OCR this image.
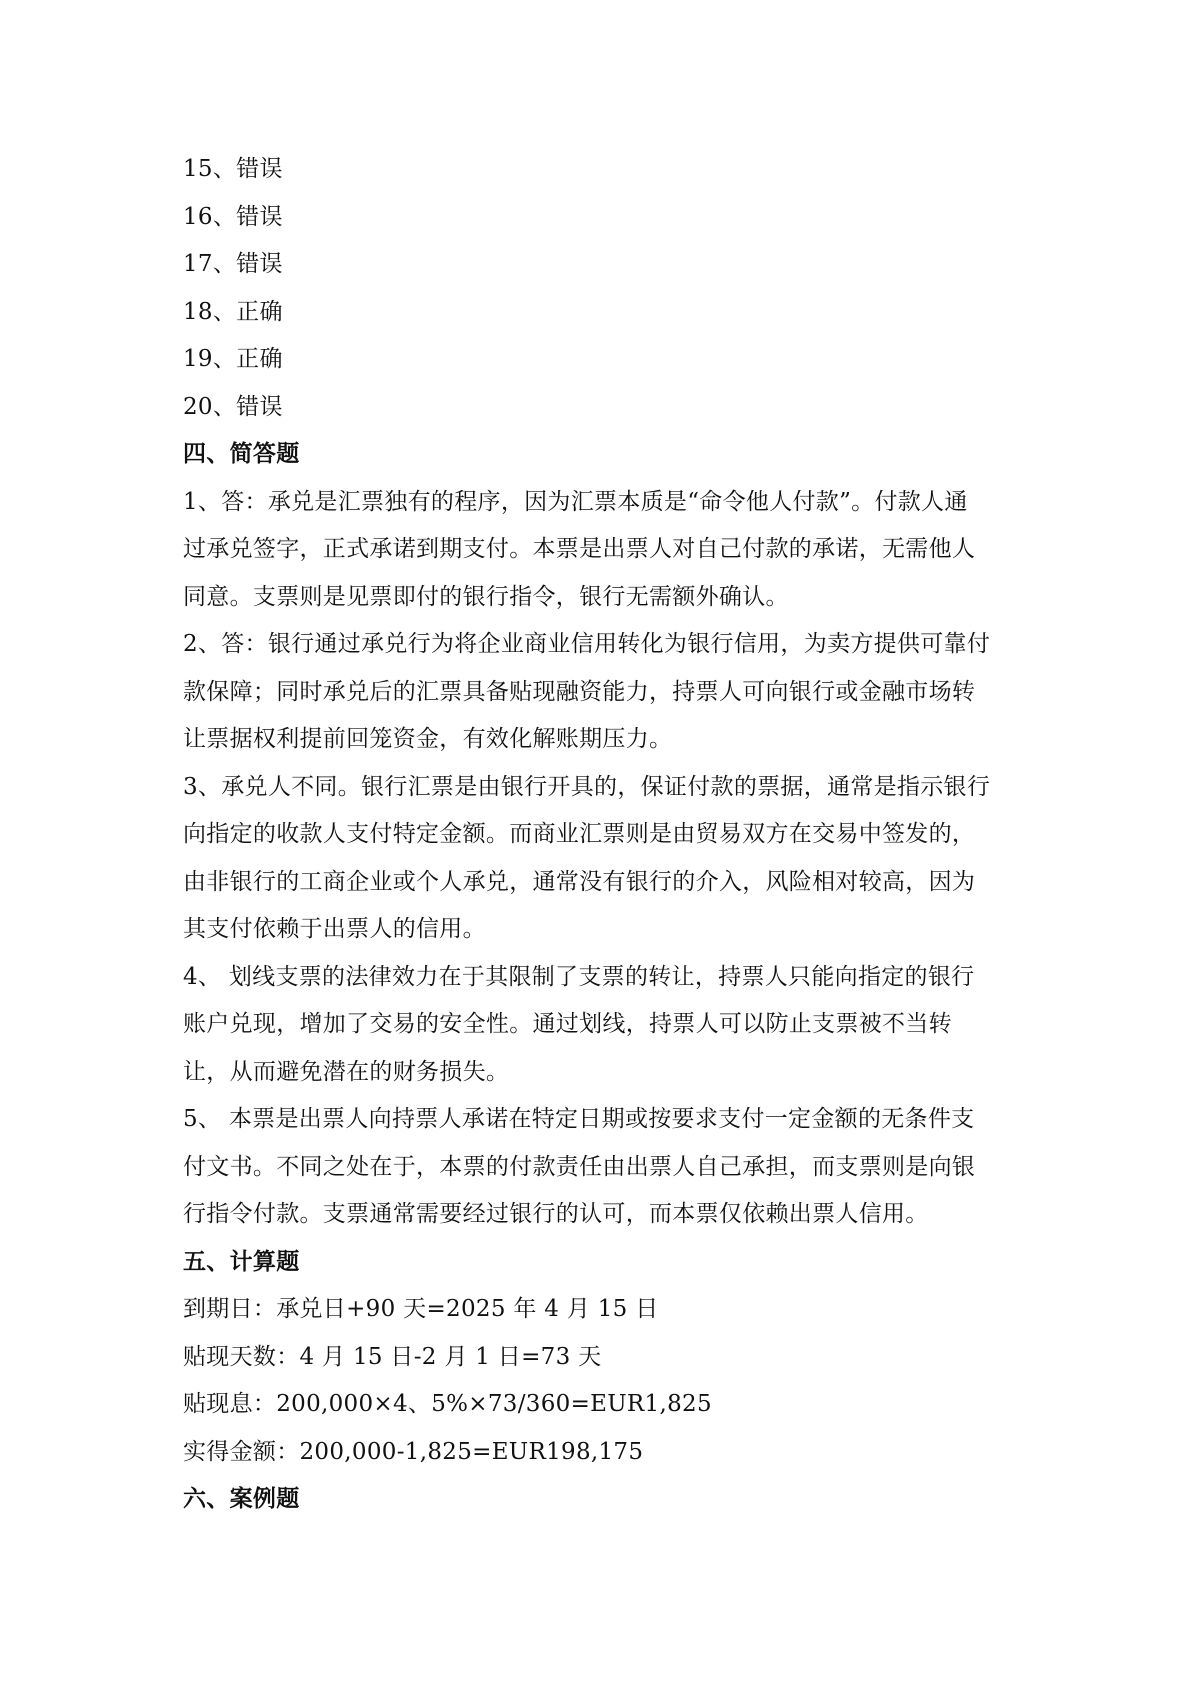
15、错误
16、错误
17、错误
18、正确
19、正确
20、错误
四、简答题
1、答：承兑是汇票独有的程序，因为汇票本质是“命令他人付款”。付款人通
过承兑签字，正式承诺到期支付。本票是出票人对自己付款的承诺，无需他人
同意。支票则是见票即付的银行指令，银行无需额外确认。
2、答：银行通过承兑行为将企业商业信用转化为银行信用，为卖方提供可靠付
款保障；同时承兑后的汇票具备贴现融资能力，持票人可向银行或金融市场转
让票据权利提前回笼资金，有效化解账期压力。
3、承兑人不同。银行汇票是由银行开具的，保证付款的票据，通常是指示银行
向指定的收款人支付特定金额。而商业汇票则是由贸易双方在交易中签发的，
由非银行的工商企业或个人承兑，通常没有银行的介入，风险相对较高，因为
其支付依赖于出票人的信用。
4、 划线支票的法律效力在于其限制了支票的转让，持票人只能向指定的银行
账户兑现，增加了交易的安全性。通过划线，持票人可以防止支票被不当转
让，从而避免潜在的财务损失。
5、 本票是出票人向持票人承诺在特定日期或按要求支付一定金额的无条件支
付文书。不同之处在于，本票的付款责任由出票人自己承担，而支票则是向银
行指令付款。支票通常需要经过银行的认可，而本票仅依赖出票人信用。
五、计算题
到期日：承兑日+90 天=2025 年 4 月 15 日
贴现天数：4 月 15 日-2 月 1 日=73 天
贴现息：200,000×4、5%×73/360=EUR1,825
实得金额：200,000-1,825=EUR198,175
六、案例题
